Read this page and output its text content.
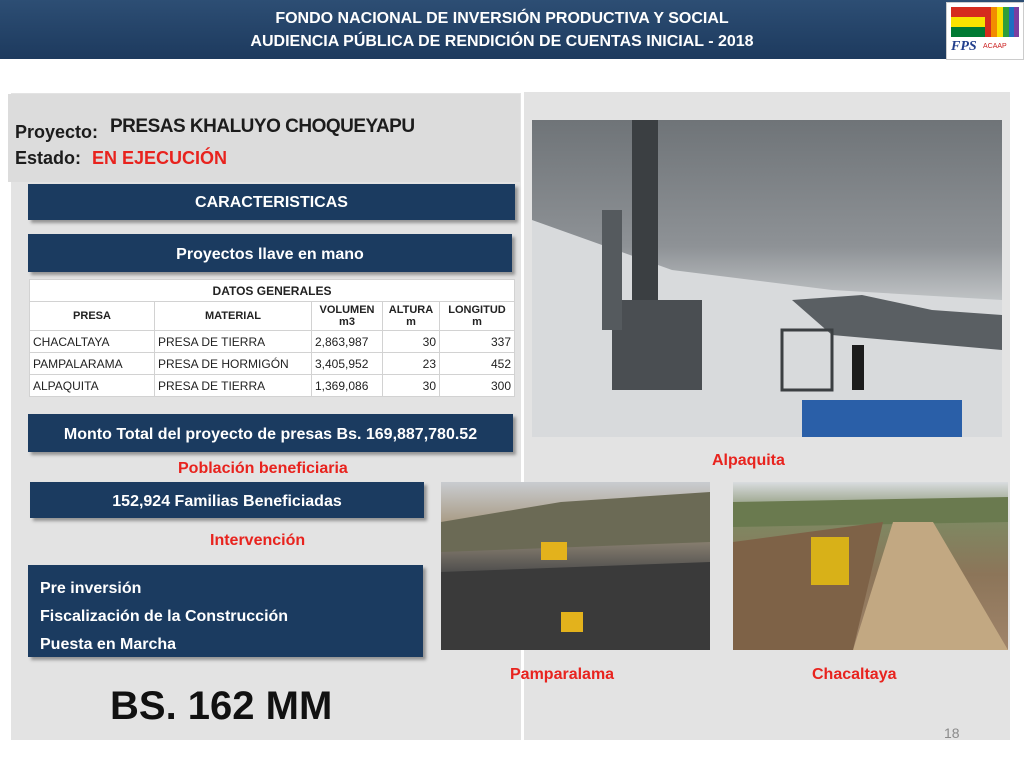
FONDO NACIONAL DE INVERSIÓN PRODUCTIVA Y SOCIAL
AUDIENCIA PÚBLICA DE RENDICIÓN DE CUENTAS INICIAL - 2018	FPS ACAAP
Proyecto: PRESAS KHALUYO CHOQUEYAPU
Estado: EN EJECUCIÓN
CARACTERISTICAS
Proyectos llave en mano
DATOS GENERALES				
PRESA	MATERIAL	VOLUMEN m3	ALTURA m	LONGITUD m
CHACALTAYA	PRESA DE TIERRA	2,863,987	30	337
PAMPALARAMA	PRESA DE HORMIGÓN	3,405,952	23	452
ALPAQUITA	PRESA DE TIERRA	1,369,086	30	300
Monto Total del proyecto de presas Bs. 169,887,780.52
Población beneficiaria
152,924 Familias Beneficiadas
Intervención
Pre inversión
Fiscalización de la Construcción
Puesta en Marcha
BS. 162 MM
Alpaquita
Pamparalama	Chacaltaya
18
